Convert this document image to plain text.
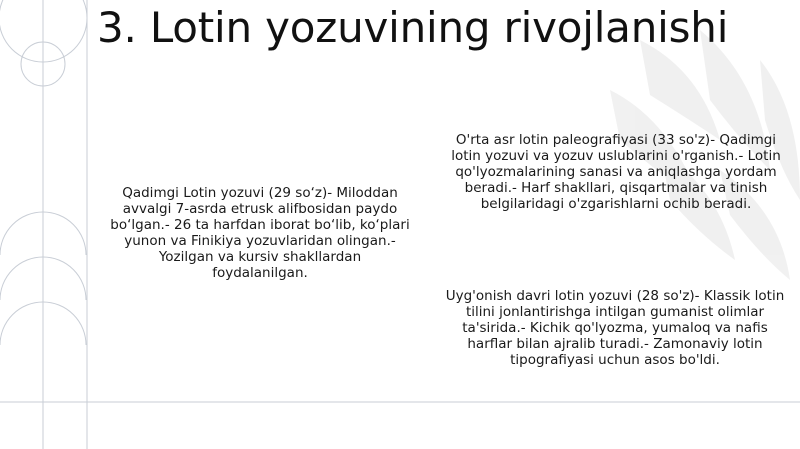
3. Lotin yozuvining rivojlanishi
Qadimgi Lotin yozuvi (29 so‘z)- Miloddan avvalgi 7-asrda etrusk alifbosidan paydo bo‘lgan.- 26 ta harfdan iborat bo‘lib, ko‘plari yunon va Finikiya yozuvlaridan olingan.- Yozilgan va kursiv shakllardan foydalanilgan.
O'rta asr lotin paleografiyasi (33 so'z)- Qadimgi lotin yozuvi va yozuv uslublarini o'rganish.- Lotin qo'lyozmalarining sanasi va aniqlashga yordam beradi.- Harf shakllari, qisqartmalar va tinish belgilaridagi o'zgarishlarni ochib beradi.
Uyg'onish davri lotin yozuvi (28 so'z)- Klassik lotin tilini jonlantirishga intilgan gumanist olimlar ta'sirida.- Kichik qo'lyozma, yumaloq va nafis harflar bilan ajralib turadi.- Zamonaviy lotin tipografiyasi uchun asos bo'ldi.
